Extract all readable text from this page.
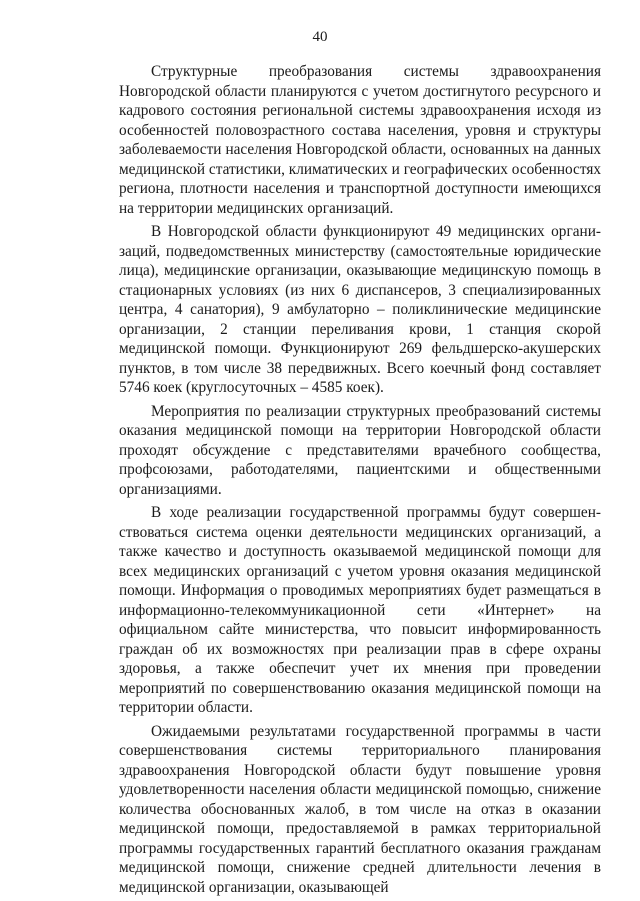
40

Структурные преобразования системы здравоохранения Новгородской области планируются с учетом достигнутого ресурсного и кадрового состояния региональной системы здравоохранения исходя из особенностей половозрастного состава населения, уровня и структуры заболеваемости населения Новгородской области, основанных на данных медицинской статистики, климатических и географических особенностях региона, плотности населения и транспортной доступности имеющихся на территории медицинских организаций.

В Новгородской области функционируют 49 медицинских организаций, подведомственных министерству (самостоятельные юридические лица), медицинские организации, оказывающие медицинскую помощь в стационарных условиях (из них 6 диспансеров, 3 специализированных центра, 4 санатория), 9 амбулаторно – поликлинические медицинские организации, 2 станции переливания крови, 1 станция скорой медицинской помощи. Функционируют 269 фельдшерско-акушерских пунктов, в том числе 38 передвижных. Всего коечный фонд составляет 5746 коек (круглосуточных – 4585 коек).

Мероприятия по реализации структурных преобразований системы оказания медицинской помощи на территории Новгородской области проходят обсуждение с представителями врачебного сообщества, профсоюзами, работодателями, пациентскими и общественными организациями.

В ходе реализации государственной программы будут совершенствоваться система оценки деятельности медицинских организаций, а также качество и доступность оказываемой медицинской помощи для всех медицинских организаций с учетом уровня оказания медицинской помощи. Информация о проводимых мероприятиях будет размещаться в информационно-телекоммуникационной сети «Интернет» на официальном сайте министерства, что повысит информированность граждан об их возможностях при реализации прав в сфере охраны здоровья, а также обеспечит учет их мнения при проведении мероприятий по совершенствованию оказания медицинской помощи на территории области.

Ожидаемыми результатами государственной программы в части совершенствования системы территориального планирования здравоохранения Новгородской области будут повышение уровня удовлетворенности населения области медицинской помощью, снижение количества обоснованных жалоб, в том числе на отказ в оказании медицинской помощи, предоставляемой в рамках территориальной программы государственных гарантий бесплатного оказания гражданам медицинской помощи, снижение средней длительности лечения в медицинской организации, оказывающей
